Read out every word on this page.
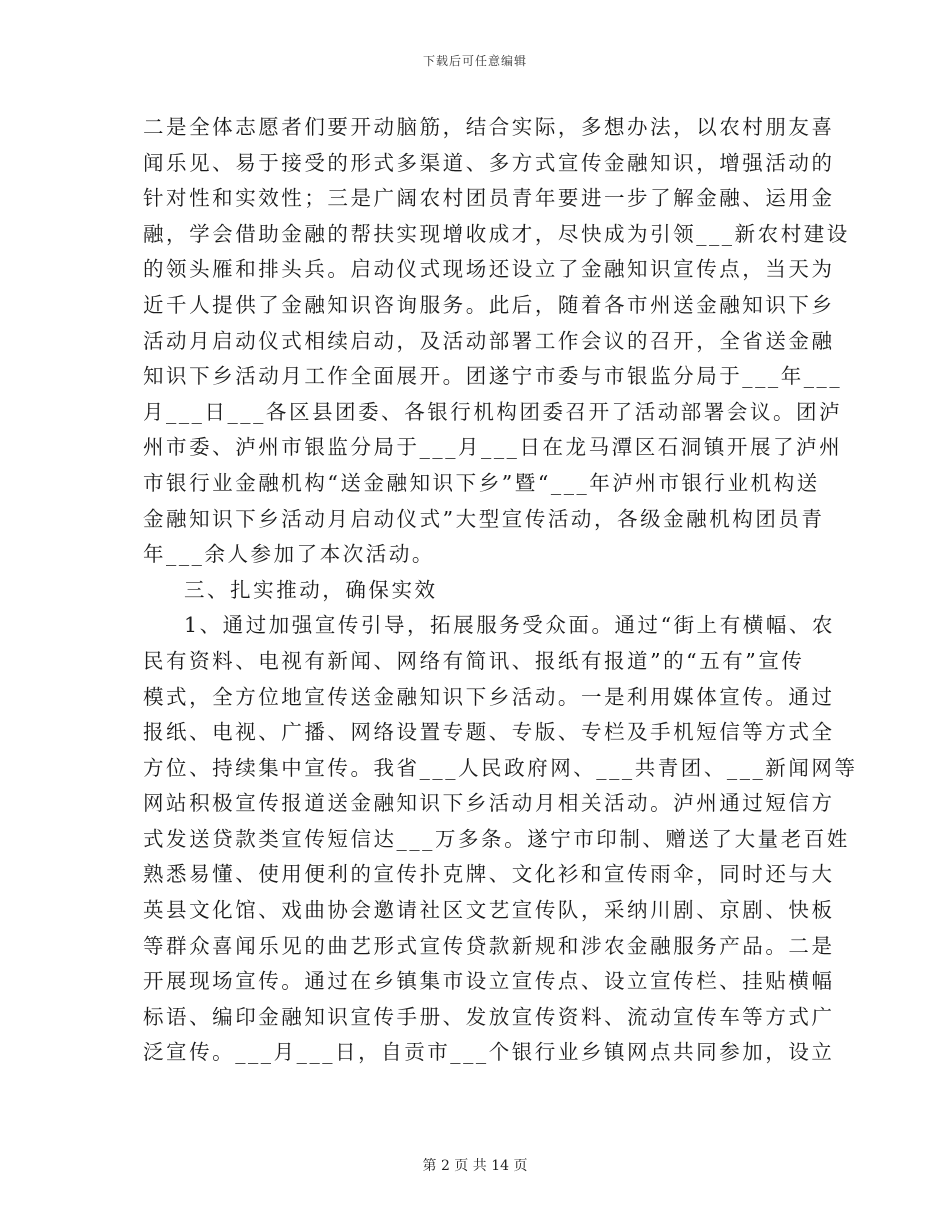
下载后可任意编辑
二是全体志愿者们要开动脑筋，结合实际，多想办法，以农村朋友喜
闻乐见、易于接受的形式多渠道、多方式宣传金融知识，增强活动的
针对性和实效性；三是广阔农村团员青年要进一步了解金融、运用金
融，学会借助金融的帮扶实现增收成才，尽快成为引领___新农村建设
的领头雁和排头兵。启动仪式现场还设立了金融知识宣传点，当天为
近千人提供了金融知识咨询服务。此后，随着各市州送金融知识下乡
活动月启动仪式相续启动，及活动部署工作会议的召开，全省送金融
知识下乡活动月工作全面展开。团遂宁市委与市银监分局于___年___
月___日___各区县团委、各银行机构团委召开了活动部署会议。团泸
州市委、泸州市银监分局于___月___日在龙马潭区石洞镇开展了泸州
市银行业金融机构“送金融知识下乡”暨“___年泸州市银行业机构送
金融知识下乡活动月启动仪式”大型宣传活动，各级金融机构团员青
年___余人参加了本次活动。
三、扎实推动，确保实效
1、通过加强宣传引导，拓展服务受众面。通过“街上有横幅、农
民有资料、电视有新闻、网络有简讯、报纸有报道”的“五有”宣传
模式，全方位地宣传送金融知识下乡活动。一是利用媒体宣传。通过
报纸、电视、广播、网络设置专题、专版、专栏及手机短信等方式全
方位、持续集中宣传。我省___人民政府网、___共青团、___新闻网等
网站积极宣传报道送金融知识下乡活动月相关活动。泸州通过短信方
式发送贷款类宣传短信达___万多条。遂宁市印制、赠送了大量老百姓
熟悉易懂、使用便利的宣传扑克牌、文化衫和宣传雨伞，同时还与大
英县文化馆、戏曲协会邀请社区文艺宣传队，采纳川剧、京剧、快板
等群众喜闻乐见的曲艺形式宣传贷款新规和涉农金融服务产品。二是
开展现场宣传。通过在乡镇集市设立宣传点、设立宣传栏、挂贴横幅
标语、编印金融知识宣传手册、发放宣传资料、流动宣传车等方式广
泛宣传。___月___日，自贡市___个银行业乡镇网点共同参加，设立
第 2 页 共 14 页
